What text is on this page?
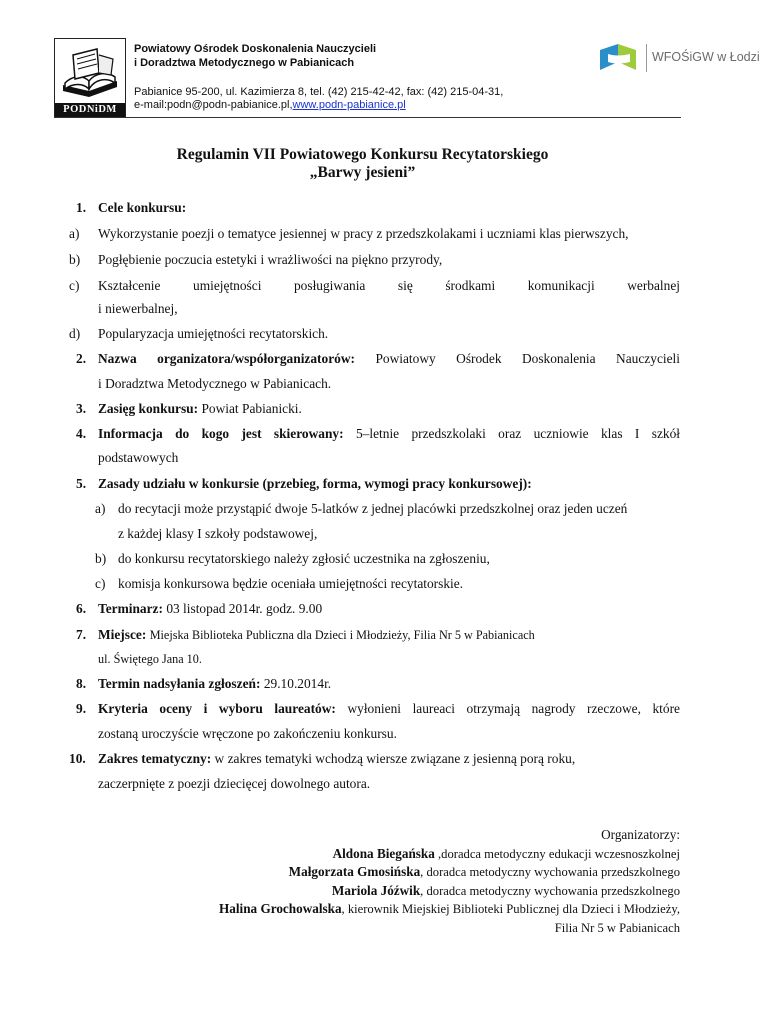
PODNiDM
Powiatowy Ośrodek Doskonalenia Nauczycieli
i Doradztwa Metodycznego w Pabianicach
Pabianice 95-200, ul. Kazimierza 8, tel. (42) 215-42-42, fax: (42) 215-04-31,
e-mail:podn@podn-pabianice.pl,www.podn-pabianice.pl
WFOŚiGW w Łodzi
Regulamin VII Powiatowego Konkursu Recytatorskiego
„Barwy jesieni”
1. Cele konkursu:
a) Wykorzystanie poezji o tematyce jesiennej w pracy z przedszkolakami i uczniami klas pierwszych,
b) Pogłębienie poczucia estetyki i wrażliwości na piękno przyrody,
c) Kształcenie umiejętności posługiwania się środkami komunikacji werbalnej
i niewerbalnej,
d) Popularyzacja umiejętności recytatorskich.
2. Nazwa organizatora/współorganizatorów: Powiatowy Ośrodek Doskonalenia Nauczycieli
i Doradztwa Metodycznego w Pabianicach.
3. Zasięg konkursu: Powiat Pabianicki.
4. Informacja do kogo jest skierowany: 5–letnie przedszkolaki oraz uczniowie klas I szkół
podstawowych
5. Zasady udziału w konkursie (przebieg, forma, wymogi pracy konkursowej):
a) do recytacji może przystąpić dwoje 5-latków z jednej placówki przedszkolnej oraz jeden uczeń
z każdej klasy I szkoły podstawowej,
b) do konkursu recytatorskiego należy zgłosić uczestnika na zgłoszeniu,
c) komisja konkursowa będzie oceniała umiejętności recytatorskie.
6. Terminarz: 03 listopad 2014r. godz. 9.00
7. Miejsce: Miejska Biblioteka Publiczna dla Dzieci i Młodzieży, Filia Nr 5 w Pabianicach
ul. Świętego Jana 10.
8. Termin nadsyłania zgłoszeń: 29.10.2014r.
9. Kryteria oceny i wyboru laureatów: wyłonieni laureaci otrzymają nagrody rzeczowe, które
zostaną uroczyście wręczone po zakończeniu konkursu.
10. Zakres tematyczny: w zakres tematyki wchodzą wiersze związane z jesienną porą roku,
zaczerpnięte z poezji dziecięcej dowolnego autora.
Organizatorzy:
Aldona Biegańska ,doradca metodyczny edukacji wczesnoszkolnej
Małgorzata Gmosińska, doradca metodyczny wychowania przedszkolnego
Mariola Jóźwik, doradca metodyczny wychowania przedszkolnego
Halina Grochowalska, kierownik Miejskiej Biblioteki Publicznej dla Dzieci i Młodzieży,
Filia Nr 5 w Pabianicach
